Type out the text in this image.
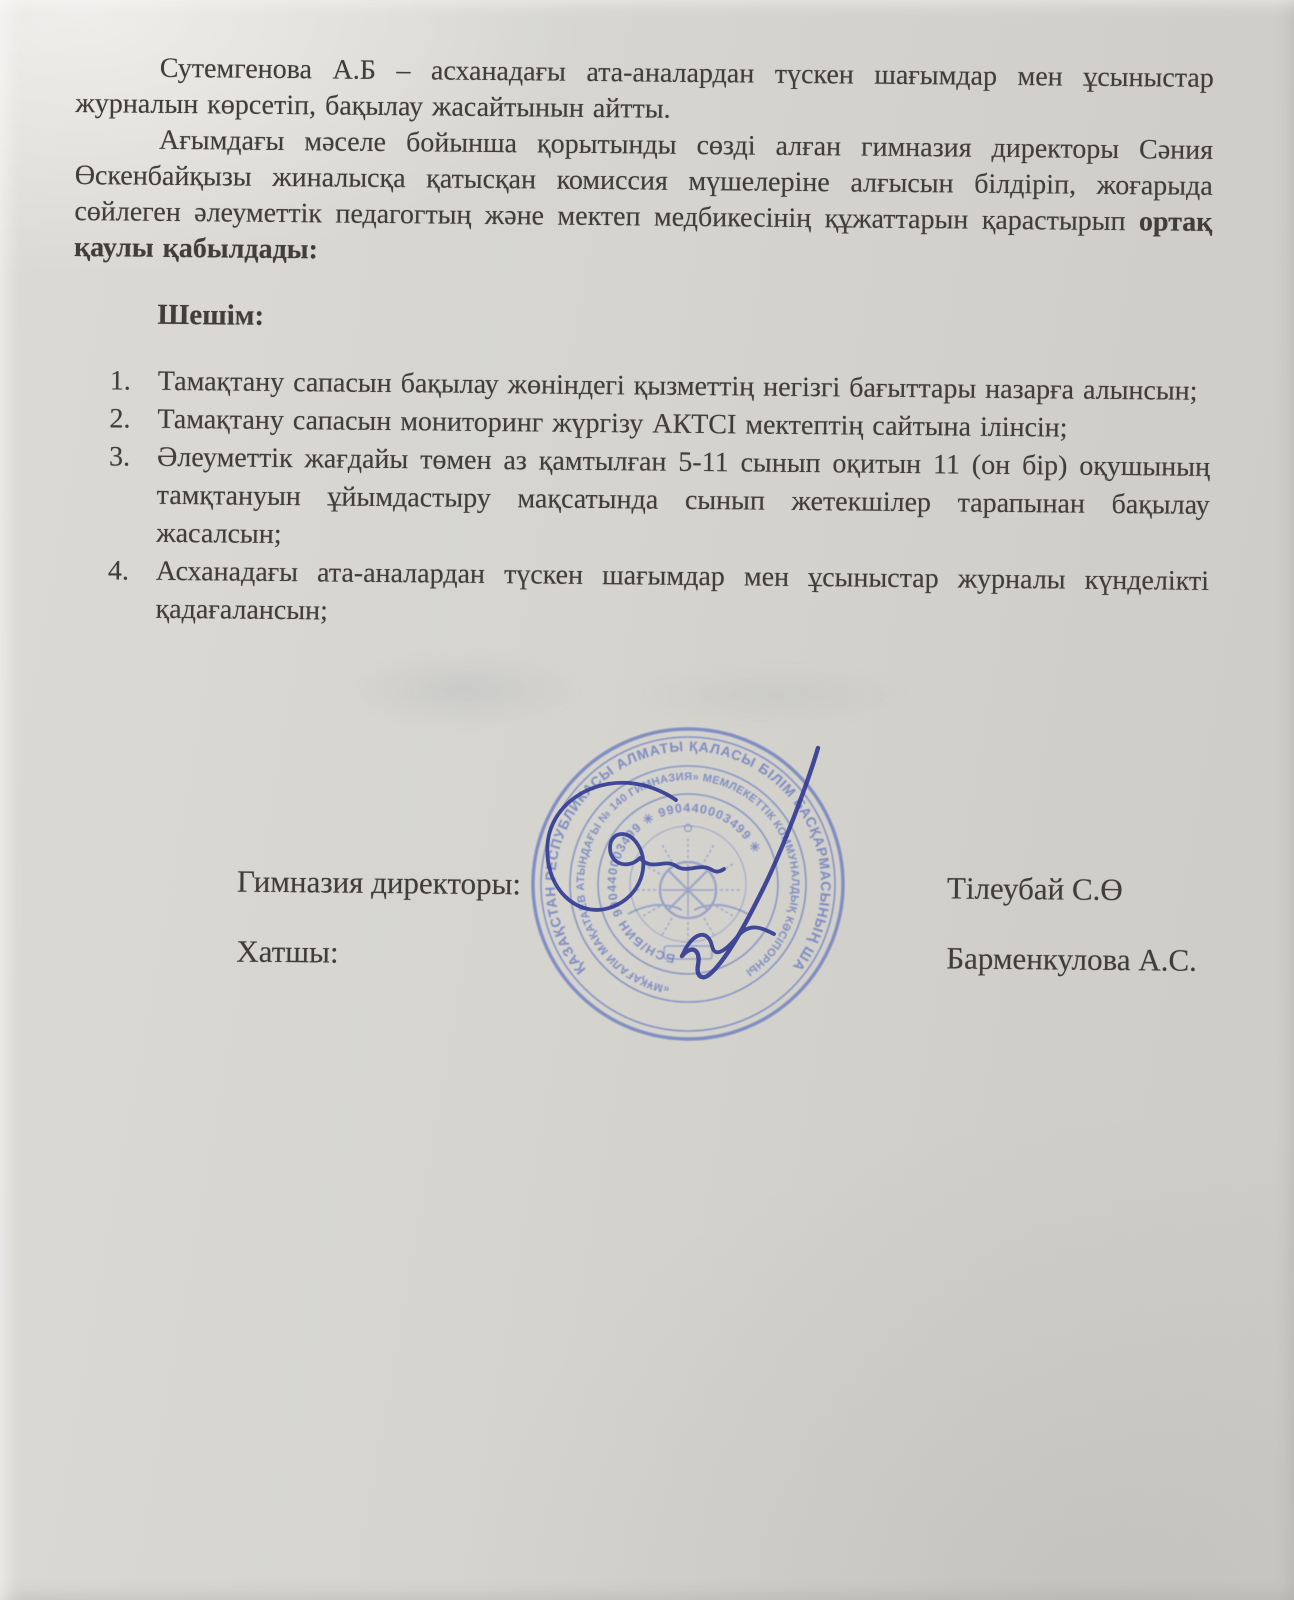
Сутемгенова А.Б – асханадағы ата-аналардан түскен шағымдар мен ұсыныстар журналын көрсетіп, бақылау жасайтынын айтты.

Ағымдағы мәселе бойынша қорытынды сөзді алған гимназия директоры Сәния Өскенбайқызы жиналысқа қатысқан комиссия мүшелеріне алғысын білдіріп, жоғарыда сөйлеген әлеуметтік педагогтың және мектеп медбикесінің құжаттарын қарастырып ортақ қаулы қабылдады:

Шешім:

1. Тамақтану сапасын бақылау жөніндегі қызметтің негізгі бағыттары назарға алынсын;
2. Тамақтану сапасын мониторинг жүргізу АКТСІ мектептің сайтына ілінсін;
3. Әлеуметтік жағдайы төмен аз қамтылған 5-11 сынып оқитын 11 (он бір) оқушының тамқтануын ұйымдастыру мақсатында сынып жетекшілер тарапынан бақылау жасалсын;
4. Асханадағы ата-аналардан түскен шағымдар мен ұсыныстар журналы күнделікті қадағалансын;
Гимназия директоры:	Тілеубай С.Ө
Хатшы:	Барменкулова А.С.
ҚАЗАҚСТАН РЕСПУБЛИКАСЫ АЛМАТЫ ҚАЛАСЫ БІЛІМ БАСҚАРМАСЫНЫҢ ШАРУАШЫЛЫҚ
«МҰҚАҒАЛИ МАҚАТАЕВ АТЫНДАҒЫ № 140 ГИМНАЗИЯ» МЕМЛЕКЕТТІК КОММУНАЛДЫҚ КӘСІПОРНЫ
БСН/БИН 990440003499 ✳ 990440003499 ✳
